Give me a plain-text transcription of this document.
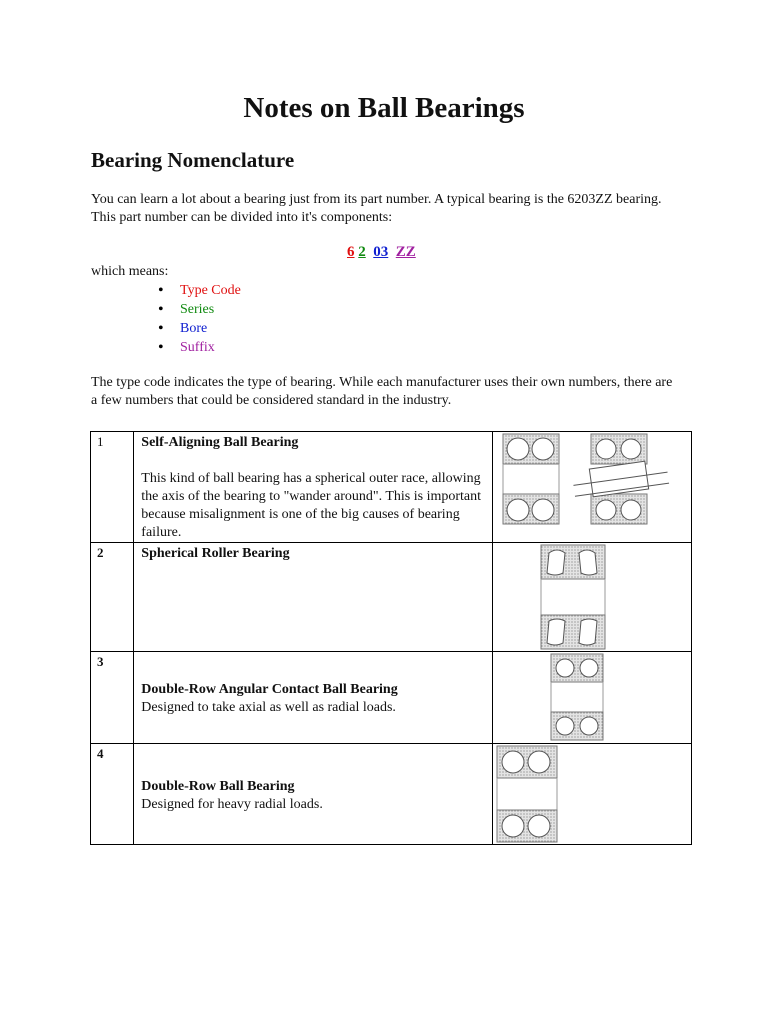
Notes on Ball Bearings
Bearing Nomenclature

You can learn a lot about a bearing just from its part number. A typical bearing is the 6203ZZ bearing. This part number can be divided into it's components:

6 2 03 ZZ
which means:
• Type Code
• Series
• Bore
• Suffix

The type code indicates the type of bearing. While each manufacturer uses their own numbers, there are a few numbers that could be considered standard in the industry.

1	Self-Aligning Ball Bearing
This kind of ball bearing has a spherical outer race, allowing the axis of the bearing to "wander around". This is important because misalignment is one of the big causes of bearing failure.

2	Spherical Roller Bearing

3	Double-Row Angular Contact Ball Bearing
Designed to take axial as well as radial loads.

4	Double-Row Ball Bearing
Designed for heavy radial loads.
